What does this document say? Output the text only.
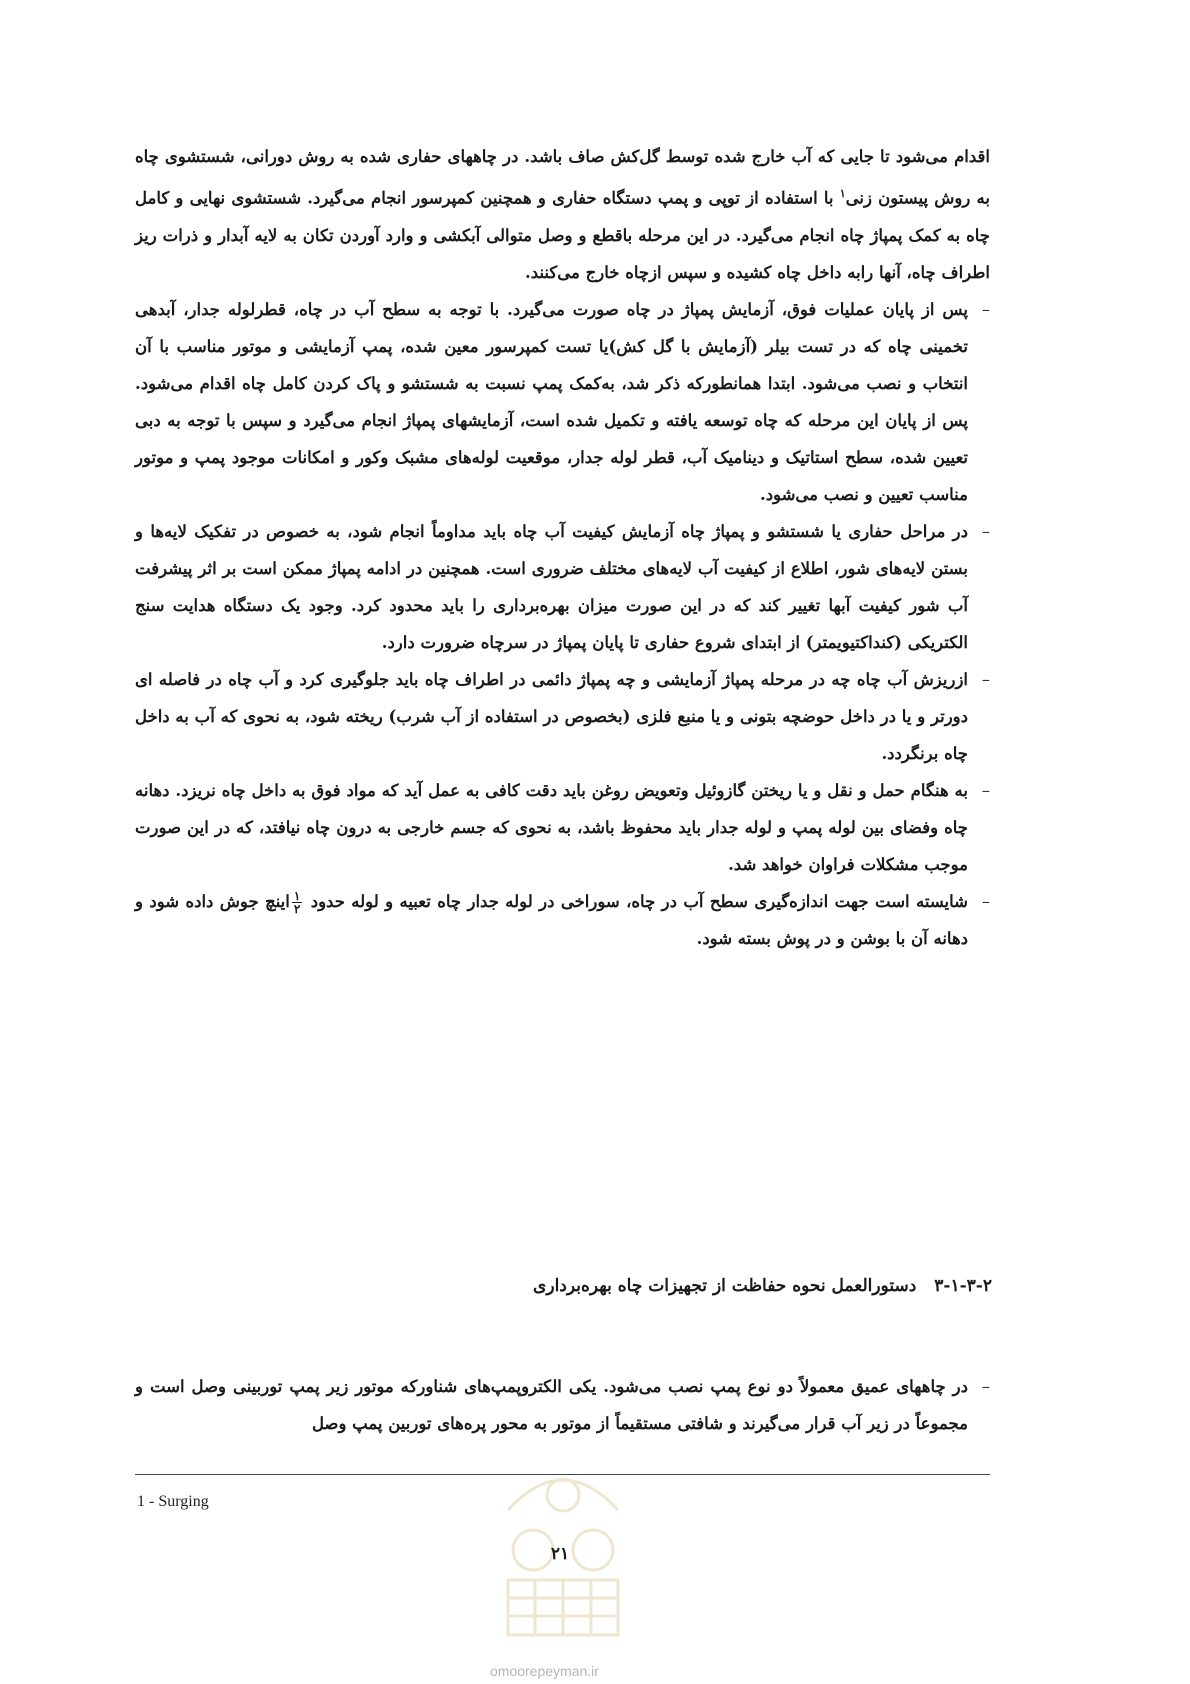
اقدام می‌شود تا جایی که آب خارج شده توسط گل‌کش صاف باشد. در چاههای حفاری شده به روش دورانی، شستشوی چاه به روش پیستون زنی$^۱$ با استفاده از توپی و پمپ دستگاه حفاری و همچنین کمپرسور انجام می‌گیرد. شستشوی نهایی و کامل چاه به کمک پمپاژ چاه انجام می‌گیرد. در این مرحله باقطع و وصل متوالی آبکشی و وارد آوردن تکان به لایه آبدار و ذرات ریز اطراف چاه، آنها رابه داخل چاه کشیده و سپس ازچاه خارج می‌کنند.

–
پس از پایان عملیات فوق، آزمایش پمپاژ در چاه صورت می‌گیرد. با توجه به سطح آب در چاه، قطرلوله جدار، آبدهی تخمینی چاه که در تست بیلر (آزمایش با گل کش)یا تست کمپرسور معین شده، پمپ آزمایشی و موتور مناسب با آن انتخاب و نصب می‌شود. ابتدا همانطورکه ذکر شد، به‌کمک پمپ نسبت به شستشو و پاک کردن کامل چاه اقدام می‌شود. پس از پایان این مرحله که چاه توسعه یافته و تکمیل شده است، آزمایشهای پمپاژ انجام می‌گیرد و سپس با توجه به دبی تعیین شده، سطح استاتیک و دینامیک آب، قطر لوله جدار، موقعیت لوله‌های مشبک وکور و امکانات موجود پمپ و موتور مناسب تعیین و نصب می‌شود.
–
در مراحل حفاری یا شستشو و پمپاژ چاه آزمایش کیفیت آب چاه باید مداوماً انجام شود، به خصوص در تفکیک لایه‌ها و بستن لایه‌های شور، اطلاع از کیفیت آب لایه‌های مختلف ضروری است. همچنین در ادامه پمپاژ ممکن است بر اثر پیشرفت آب شور کیفیت آبها تغییر کند که در این صورت میزان بهره‌برداری را باید محدود کرد. وجود یک دستگاه هدایت سنج الکتریکی (کنداکتیویمتر) از ابتدای شروع حفاری تا پایان پمپاژ در سرچاه ضرورت دارد.
–
ازریزش آب چاه چه در مرحله پمپاژ آزمایشی و چه پمپاژ دائمی در اطراف چاه باید جلوگیری کرد و آب چاه در فاصله ای دورتر و یا در داخل حوضچه بتونی و یا منبع فلزی (بخصوص در استفاده از آب شرب) ریخته شود، به نحوی که آب به داخل چاه برنگردد.
–
به هنگام حمل و نقل و یا ریختن گازوئیل وتعویض روغن باید دقت کافی به عمل آید که مواد فوق به داخل چاه نریزد. دهانه چاه وفضای بین لوله پمپ و لوله جدار باید محفوظ باشد، به نحوی که جسم خارجی به درون چاه نیافتد، که در این صورت موجب مشکلات فراوان خواهد شد.
–
شایسته است جهت اندازه‌گیری سطح آب در چاه، سوراخی در لوله جدار چاه تعبیه و لوله حدود
$\frac{۱}{۲}$
اینچ جوش داده شود و دهانه آن با بوشن و در پوش بسته شود.
۳-۱-۳-۲دستورالعمل نحوه حفاظت از تجهیزات چاه بهره‌برداری
–
در چاههای عمیق معمولاً دو نوع پمپ نصب می‌شود. یکی الکتروپمپ‌های شناورکه موتور زیر پمپ توربینی وصل است و مجموعاً در زیر آب قرار می‌گیرند و شافتی مستقیماً از موتور به محور پره‌های توربین پمپ وصل
1 - Surging
۲۱
omoorepeyman.ir
